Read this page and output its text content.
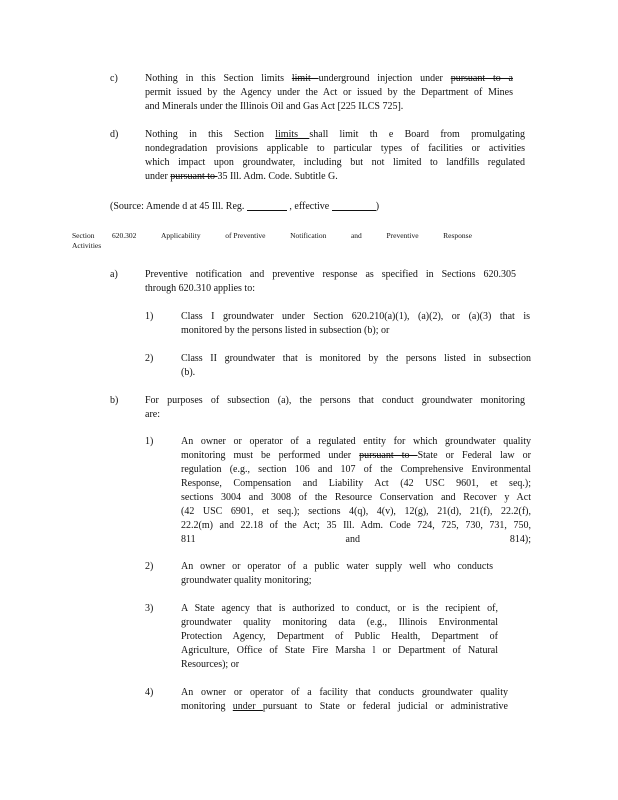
c)	Nothing in this Section limits limit underground injection under pursuant to a
permit issued by the Agency under the Act or issued by the Department of Mines
and Minerals under the Illinois Oil and Gas Act [225 ILCS 725].
d)	Nothing in this Section limits shall limit th e Board from promulgating
nondegradation provisions applicable to particular types of facilities or activities
which impact upon groundwater, including but not limited to landfills regulated
under pursuant to 35 Ill. Adm. Code. Subtitle G.
(Source: Amende d at 45 Ill. Reg.	, effective	)
Section
Activities
620.302	Applicability	of Preventive	Notification	and	Preventive	Response
a)	Preventive notification and preventive response as specified in Sections 620.305
through 620.310 applies to:
1)	Class I groundwater under Section 620.210(a)(1), (a)(2), or (a)(3) that is
monitored by the persons listed in subsection (b); or
2)	Class II groundwater that is monitored by the persons listed in subsection
(b).
b)	For purposes of subsection (a), the persons that conduct groundwater monitoring
are:
1)	An owner or operator of a regulated entity for which groundwater quality
monitoring must be performed under pursuant to State or Federal law or
regulation (e.g., section 106 and 107 of the Comprehensive Environmental
Response, Compensation and Liability Act (42 USC 9601, et seq.);
sections 3004 and 3008 of the Resource Conservation and Recover y Act
(42 USC 6901, et seq.); sections 4(q), 4(v), 12(g), 21(d), 21(f), 22.2(f),
22.2(m) and 22.18 of the Act; 35 Ill. Adm. Code 724, 725, 730, 731, 750,
811 and 814);
2)	An owner or operator of a public water supply well who conducts
groundwater quality monitoring;
3)	A State agency that is authorized to conduct, or is the recipient of,
groundwater quality monitoring data (e.g., Illinois Environmental
Protection Agency, Department of Public Health, Department of
Agriculture, Office of State Fire Marsha l or Department of Natural
Resources); or
4)	An owner or operator of a facility that conducts groundwater quality
monitoring under pursuant to State or federal judicial or administrative
